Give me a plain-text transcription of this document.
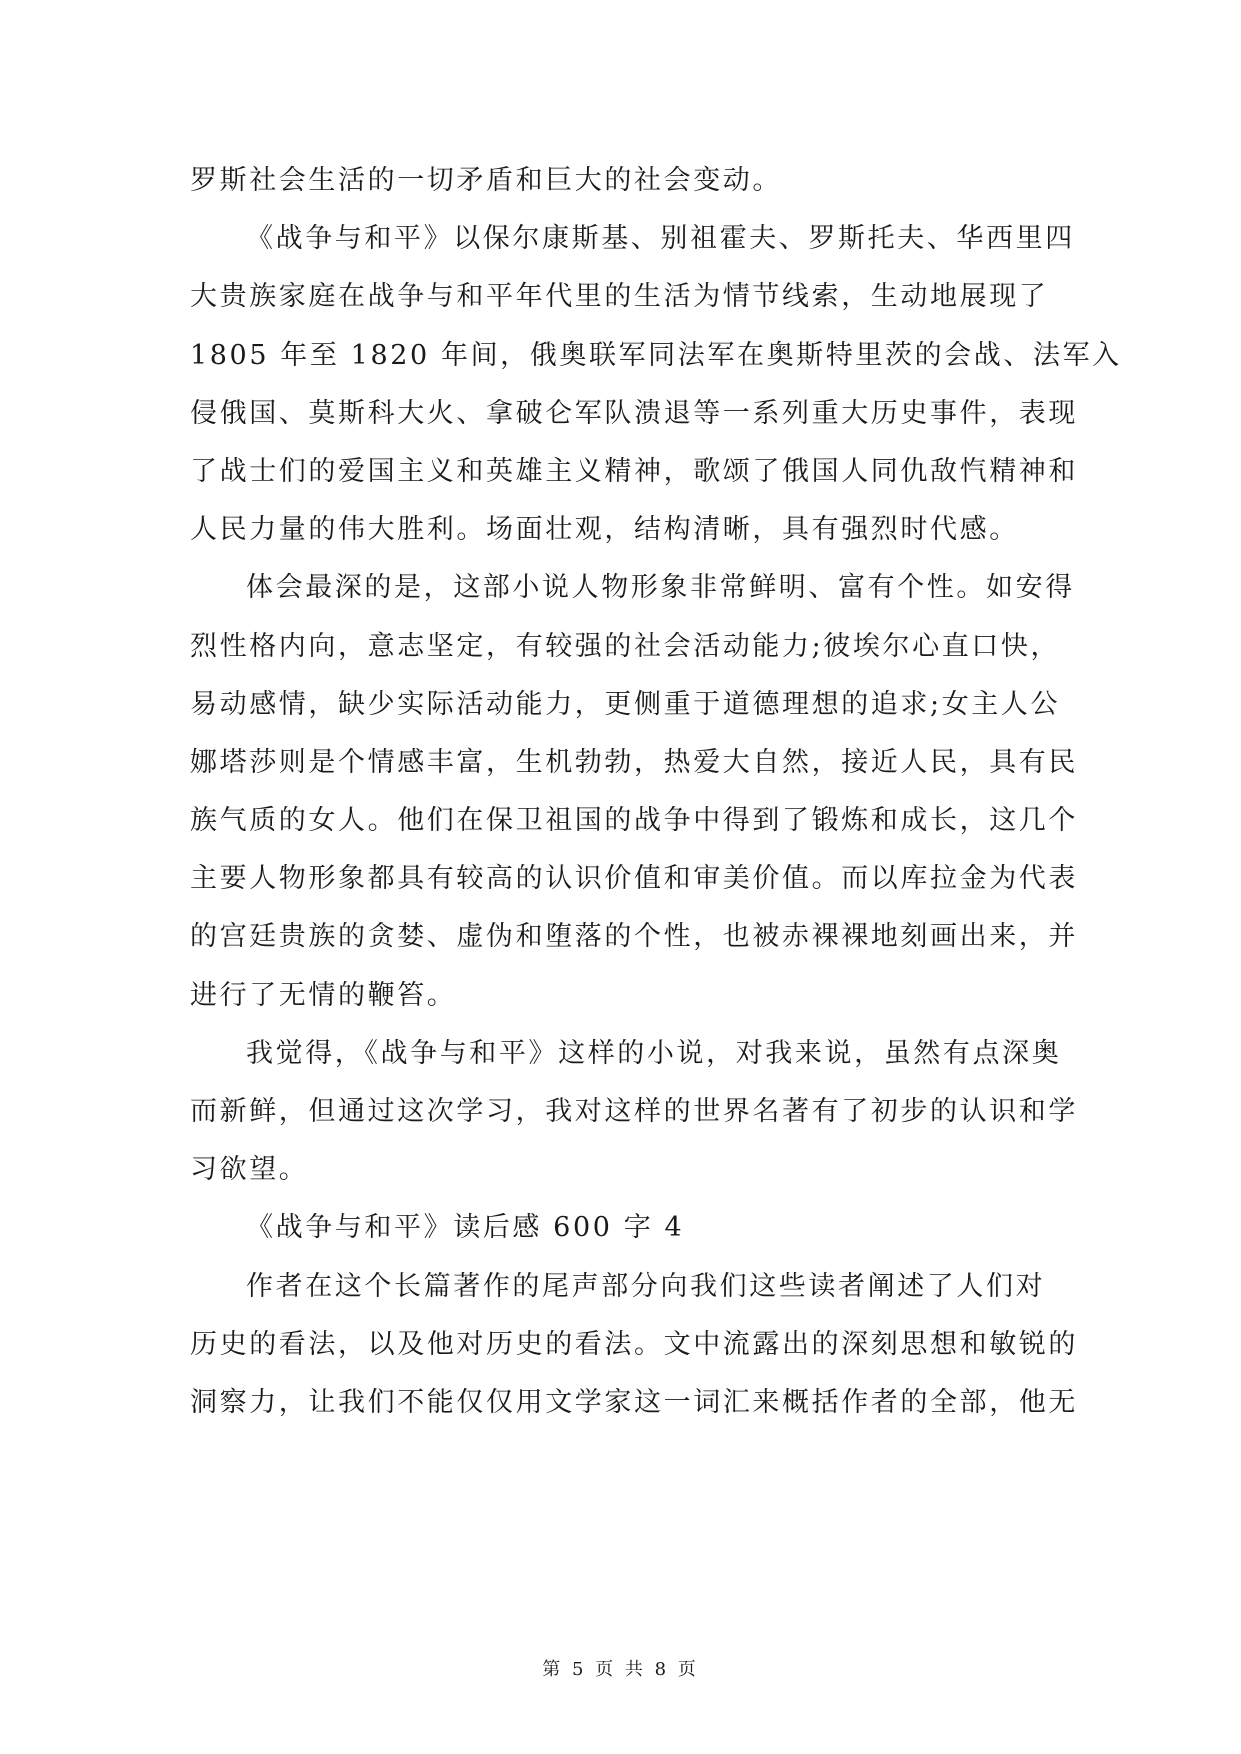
罗斯社会生活的一切矛盾和巨大的社会变动。
《战争与和平》以保尔康斯基、别祖霍夫、罗斯托夫、华西里四
大贵族家庭在战争与和平年代里的生活为情节线索，生动地展现了
1805 年至 1820 年间，俄奥联军同法军在奥斯特里茨的会战、法军入
侵俄国、莫斯科大火、拿破仑军队溃退等一系列重大历史事件，表现
了战士们的爱国主义和英雄主义精神，歌颂了俄国人同仇敌忾精神和
人民力量的伟大胜利。场面壮观，结构清晰，具有强烈时代感。
体会最深的是，这部小说人物形象非常鲜明、富有个性。如安得
烈性格内向，意志坚定，有较强的社会活动能力;彼埃尔心直口快，
易动感情，缺少实际活动能力，更侧重于道德理想的追求;女主人公
娜塔莎则是个情感丰富，生机勃勃，热爱大自然，接近人民，具有民
族气质的女人。他们在保卫祖国的战争中得到了锻炼和成长，这几个
主要人物形象都具有较高的认识价值和审美价值。而以库拉金为代表
的宫廷贵族的贪婪、虚伪和堕落的个性，也被赤裸裸地刻画出来，并
进行了无情的鞭笞。
我觉得，《战争与和平》这样的小说，对我来说，虽然有点深奥
而新鲜，但通过这次学习，我对这样的世界名著有了初步的认识和学
习欲望。
《战争与和平》读后感 600 字 4
作者在这个长篇著作的尾声部分向我们这些读者阐述了人们对
历史的看法，以及他对历史的看法。文中流露出的深刻思想和敏锐的
洞察力，让我们不能仅仅用文学家这一词汇来概括作者的全部，他无
第 5 页 共 8 页
